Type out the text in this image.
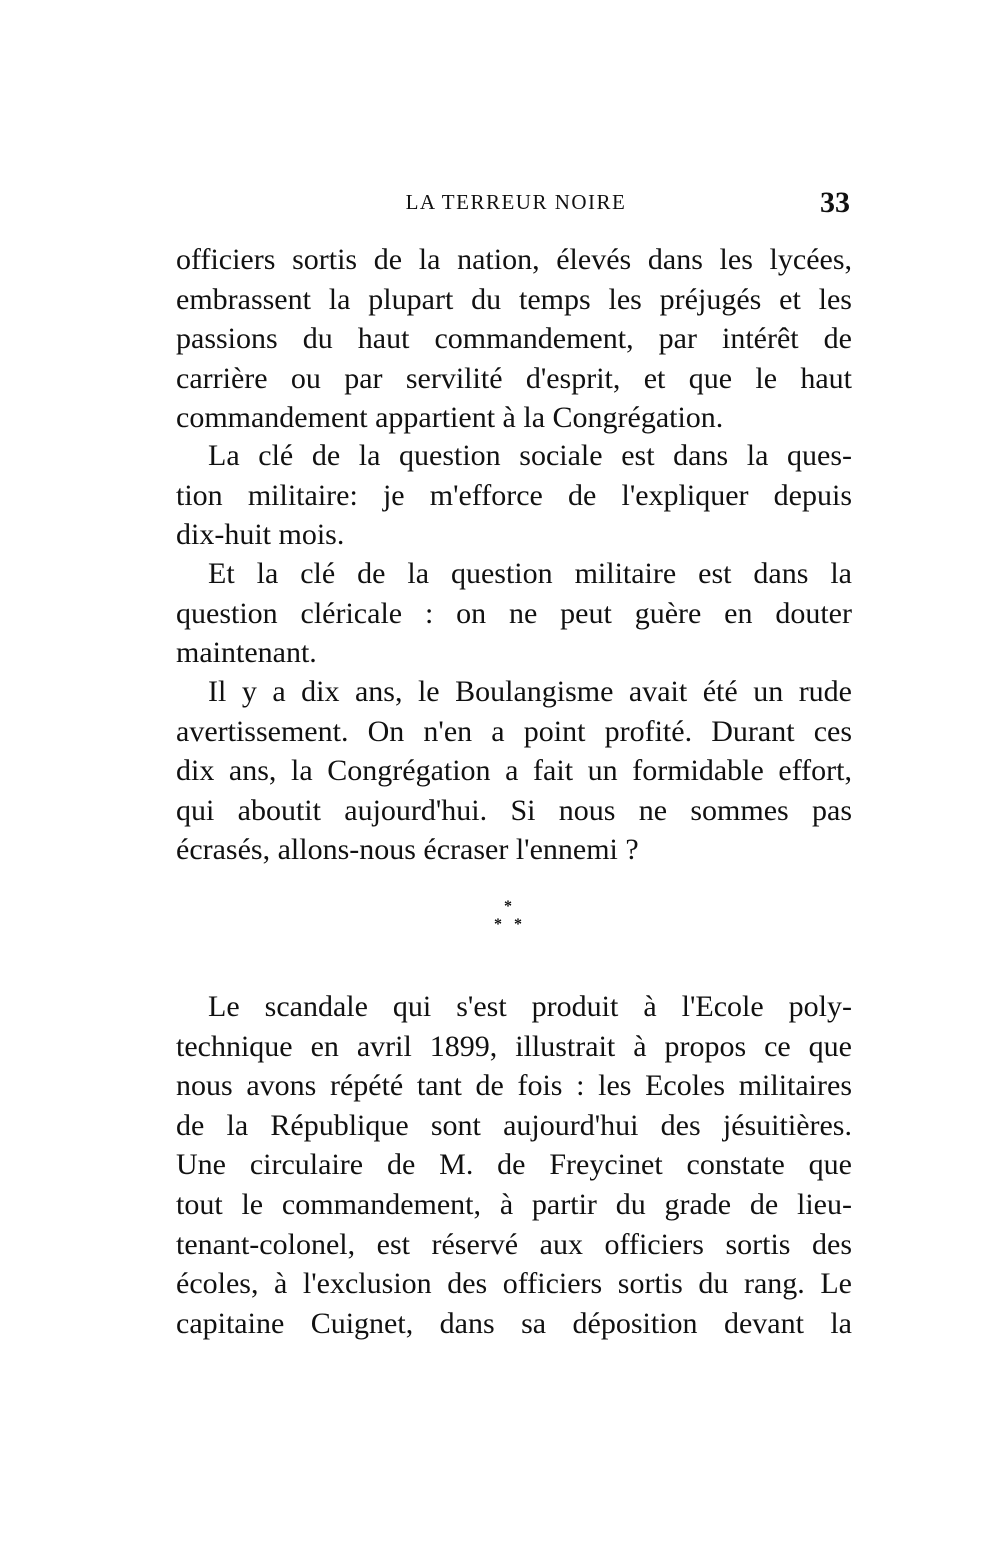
LA TERREUR NOIRE	33

officiers sortis de la nation, élevés dans les lycées,
embrassent la plupart du temps les préjugés et les
passions du haut commandement, par intérêt de
carrière ou par servilité d'esprit, et que le haut
commandement appartient à la Congrégation.

La clé de la question sociale est dans la ques-
tion militaire: je m'efforce de l'expliquer depuis
dix-huit mois.

Et la clé de la question militaire est dans la
question cléricale : on ne peut guère en douter
maintenant.

Il y a dix ans, le Boulangisme avait été un rude
avertissement. On n'en a point profité. Durant ces
dix ans, la Congrégation a fait un formidable effort,
qui aboutit aujourd'hui. Si nous ne sommes pas
écrasés, allons-nous écraser l'ennemi ?

*
* *

Le scandale qui s'est produit à l'Ecole poly-
technique en avril 1899, illustrait à propos ce que
nous avons répété tant de fois : les Ecoles militaires
de la République sont aujourd'hui des jésuitières.
Une circulaire de M. de Freycinet constate que
tout le commandement, à partir du grade de lieu-
tenant-colonel, est réservé aux officiers sortis des
écoles, à l'exclusion des officiers sortis du rang. Le
capitaine Cuignet, dans sa déposition devant la
